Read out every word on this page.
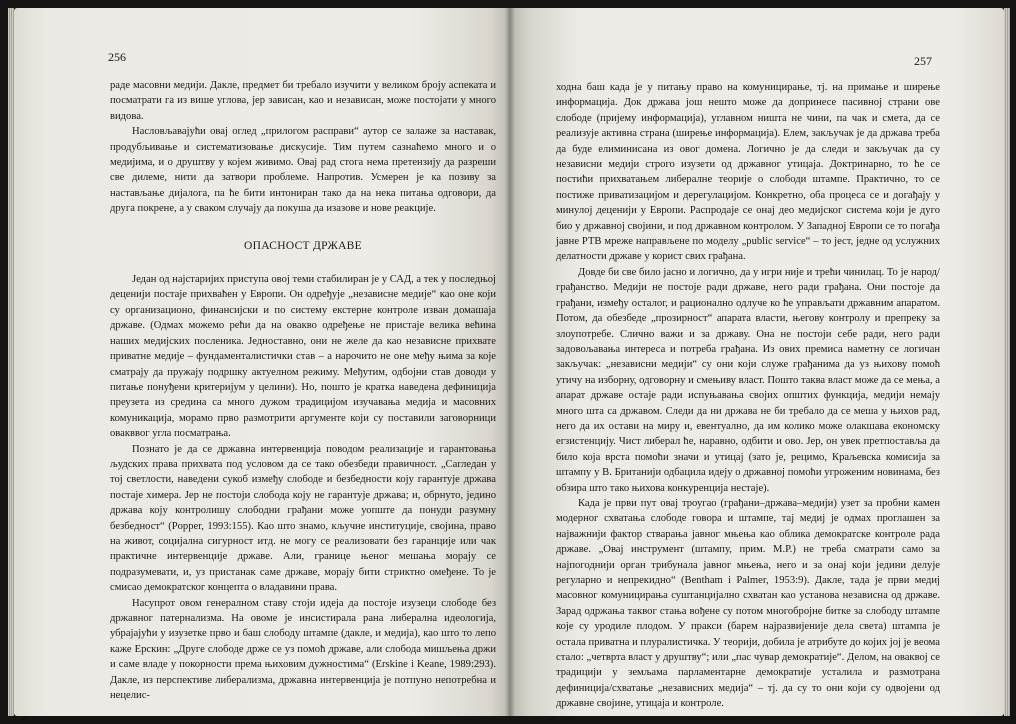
256

раде масовни медији. Дакле, предмет би требало изучити у великом броју аспеката и посматрати га из више углова, јер зависан, као и независан, може постојати у много видова.

Насловљавајући овај оглед „прилогом расправи“ аутор се залаже за наставак, продубљивање и систематизовање дискусије. Тим путем сазнаћемо много и о медијима, и о друштву у којем живимо. Овај рад стога нема претензију да разреши све дилеме, нити да затвори проблеме. Напротив. Усмерен је ка позиву за настављање дијалога, па ће бити интониран тако да на нека питања одговори, да друга покрене, а у сваком случају да покуша да изазове и нове реакције.

ОПАСНОСТ ДРЖАВЕ

Један од најстаријих приступа овој теми стабилиран је у САД, а тек у последњој деценији постаје прихваћен у Европи. Он одређује „независне медије“ као оне који су организационо, финансијски и по систему екстерне контроле изван домашаја државе. (Одмах можемо рећи да на овакво одређење не пристаје велика већина наших медијских посленика. Једноставно, они не желе да као независне прихвате приватне медије – фундаменталистички став – а нарочито не оне међу њима за које сматрају да пружају подршку актуелном режиму. Међутим, одбојни став доводи у питање понуђени критеријум у целини). Но, пошто је кратка наведена дефиниција преузета из средина са много дужом традицијом изучавања медија и масовних комуникација, морамо прво размотрити аргументе који су поставили заговорници овакввог угла посматрања.

Познато је да се државна интервенција поводом реализације и гарантовања људских права прихвата под условом да се тако обезбеди правичност. „Сагледан у тој светлости, наведени сукоб између слободе и безбедности коју гарантује држава постаје химера. Јер не постоји слобода коју не гарантује држава; и, обрнуто, једино држава коју контролишу слободни грађани може уопште да понуди разумну безбедност“ (Popper, 1993:155). Као што знамо, кључне институције, својина, право на живот, социјална сигурност итд. не могу се реализовати без гаранције или чак практичне интервенције државе. Али, границе њеног мешања морају се подразумевати, и, уз пристанак саме државе, морају бити стриктно омеђене. То је смисао демократског концепта о владавини права.

Насупрот овом генералном ставу стоји идеја да постоје изузеци слободе без државног патернализма. На овоме је инсистирала рана либерална идеологија, убрајајући у изузетке прво и баш слободу штампе (дакле, и медија), као што то лепо каже Ерскин: „Друге слободе држе се уз помоћ државе, али слобода мишљења држи и саме владе у покорности према њиховим дужностима“ (Erskine i Keane, 1989:293). Дакле, из перспективе либерализма, државна интервенција је потпуно непотребна и нецелис-

257

ходна баш када је у питању право на комуницирање, тј. на примање и ширење информација. Док држава још нешто може да допринесе пасивној страни ове слободе (пријему информација), углавном ништа не чини, па чак и смета, да се реализује активна страна (ширење информација). Елем, закључак је да држава треба да буде елиминисана из овог домена. Логично је да следи и закључак да су независни медији строго изузети од државног утицаја. Доктринарно, то ће се постићи прихватањем либералне теорије о слободи штампе. Практично, то се постиже приватизацијом и дерегулацијом. Конкретно, оба процеса се и догађају у минулој деценији у Европи. Распродаје се онај део медијског система који је дуго био у државној својини, и под државном контролом. У Западној Европи се то погађа јавне РТВ мреже направљене по моделу „public service“ – то јест, једне од услужних делатности државе у корист свих грађана.

Довде би све било јасно и логично, да у игри није и трећи чинилац. То је народ/грађанство. Медији не постоје ради државе, него ради грађана. Они постоје да грађани, између осталог, и рационално одлуче ко ће управљати државним апаратом. Потом, да обезбеде „прозирност“ апарата власти, његову контролу и препреку за злоупотребе. Слично важи и за државу. Она не постоји себе ради, него ради задовољавања интереса и потреба грађана. Из ових премиса наметну се логичан закључак: „независни медији“ су они који служе грађанима да уз њихову помоћ утичу на изборну, одговорну и смењиву власт. Пошто таква власт може да се мења, а апарат државе остаје ради испуњавања својих општих функција, медији немају много шта са државом. Следи да ни држава не би требало да се меша у њихов рад, него да их остави на миру и, евентуално, да им колико може олакшава економску егзистенцију. Чист либерал ће, наравно, одбити и ово. Јер, он увек претпоставља да било која врста помоћи значи и утицај (зато је, рецимо, Краљевска комисија за штампу у В. Британији одбацила идеју о државној помоћи угроженим новинама, без обзира што тако њихова конкуренција нестаје).

Када је први пут овај троугао (грађани–држава–медији) узет за пробни камен модерног схватања слободе говора и штампе, тај медиј је одмах проглашен за најважнији фактор стварања јавног мњења као облика демократске контроле рада државе. „Овај инструмент (штампу, прим. М.Р.) не треба сматрати само за најпогоднији орган трибунала јавног мњења, него и за онај који једини делује регуларно и непрекидно“ (Bentham i Palmer, 1953:9). Дакле, тада је први медиј масовног комуницирања суштанцијално схватан као установа независна од државе. Зарад одржања таквог стања вођене су потом многобројне битке за слободу штампе које су уродиле плодом. У пракси (барем најразвијеније дела света) штампа је остала приватна и плуралистичка. У теорији, добила је атрибуте до којих јој је веома стало: „четврта власт у друштву“; или „пас чувар демократије“. Делом, на оваквој се традицији у земљама парламентарне демократије усталила и размотрана дефиниција/схватање „независних медија“ – тј. да су то они који су одвојени од државне својине, утицаја и контроле.
